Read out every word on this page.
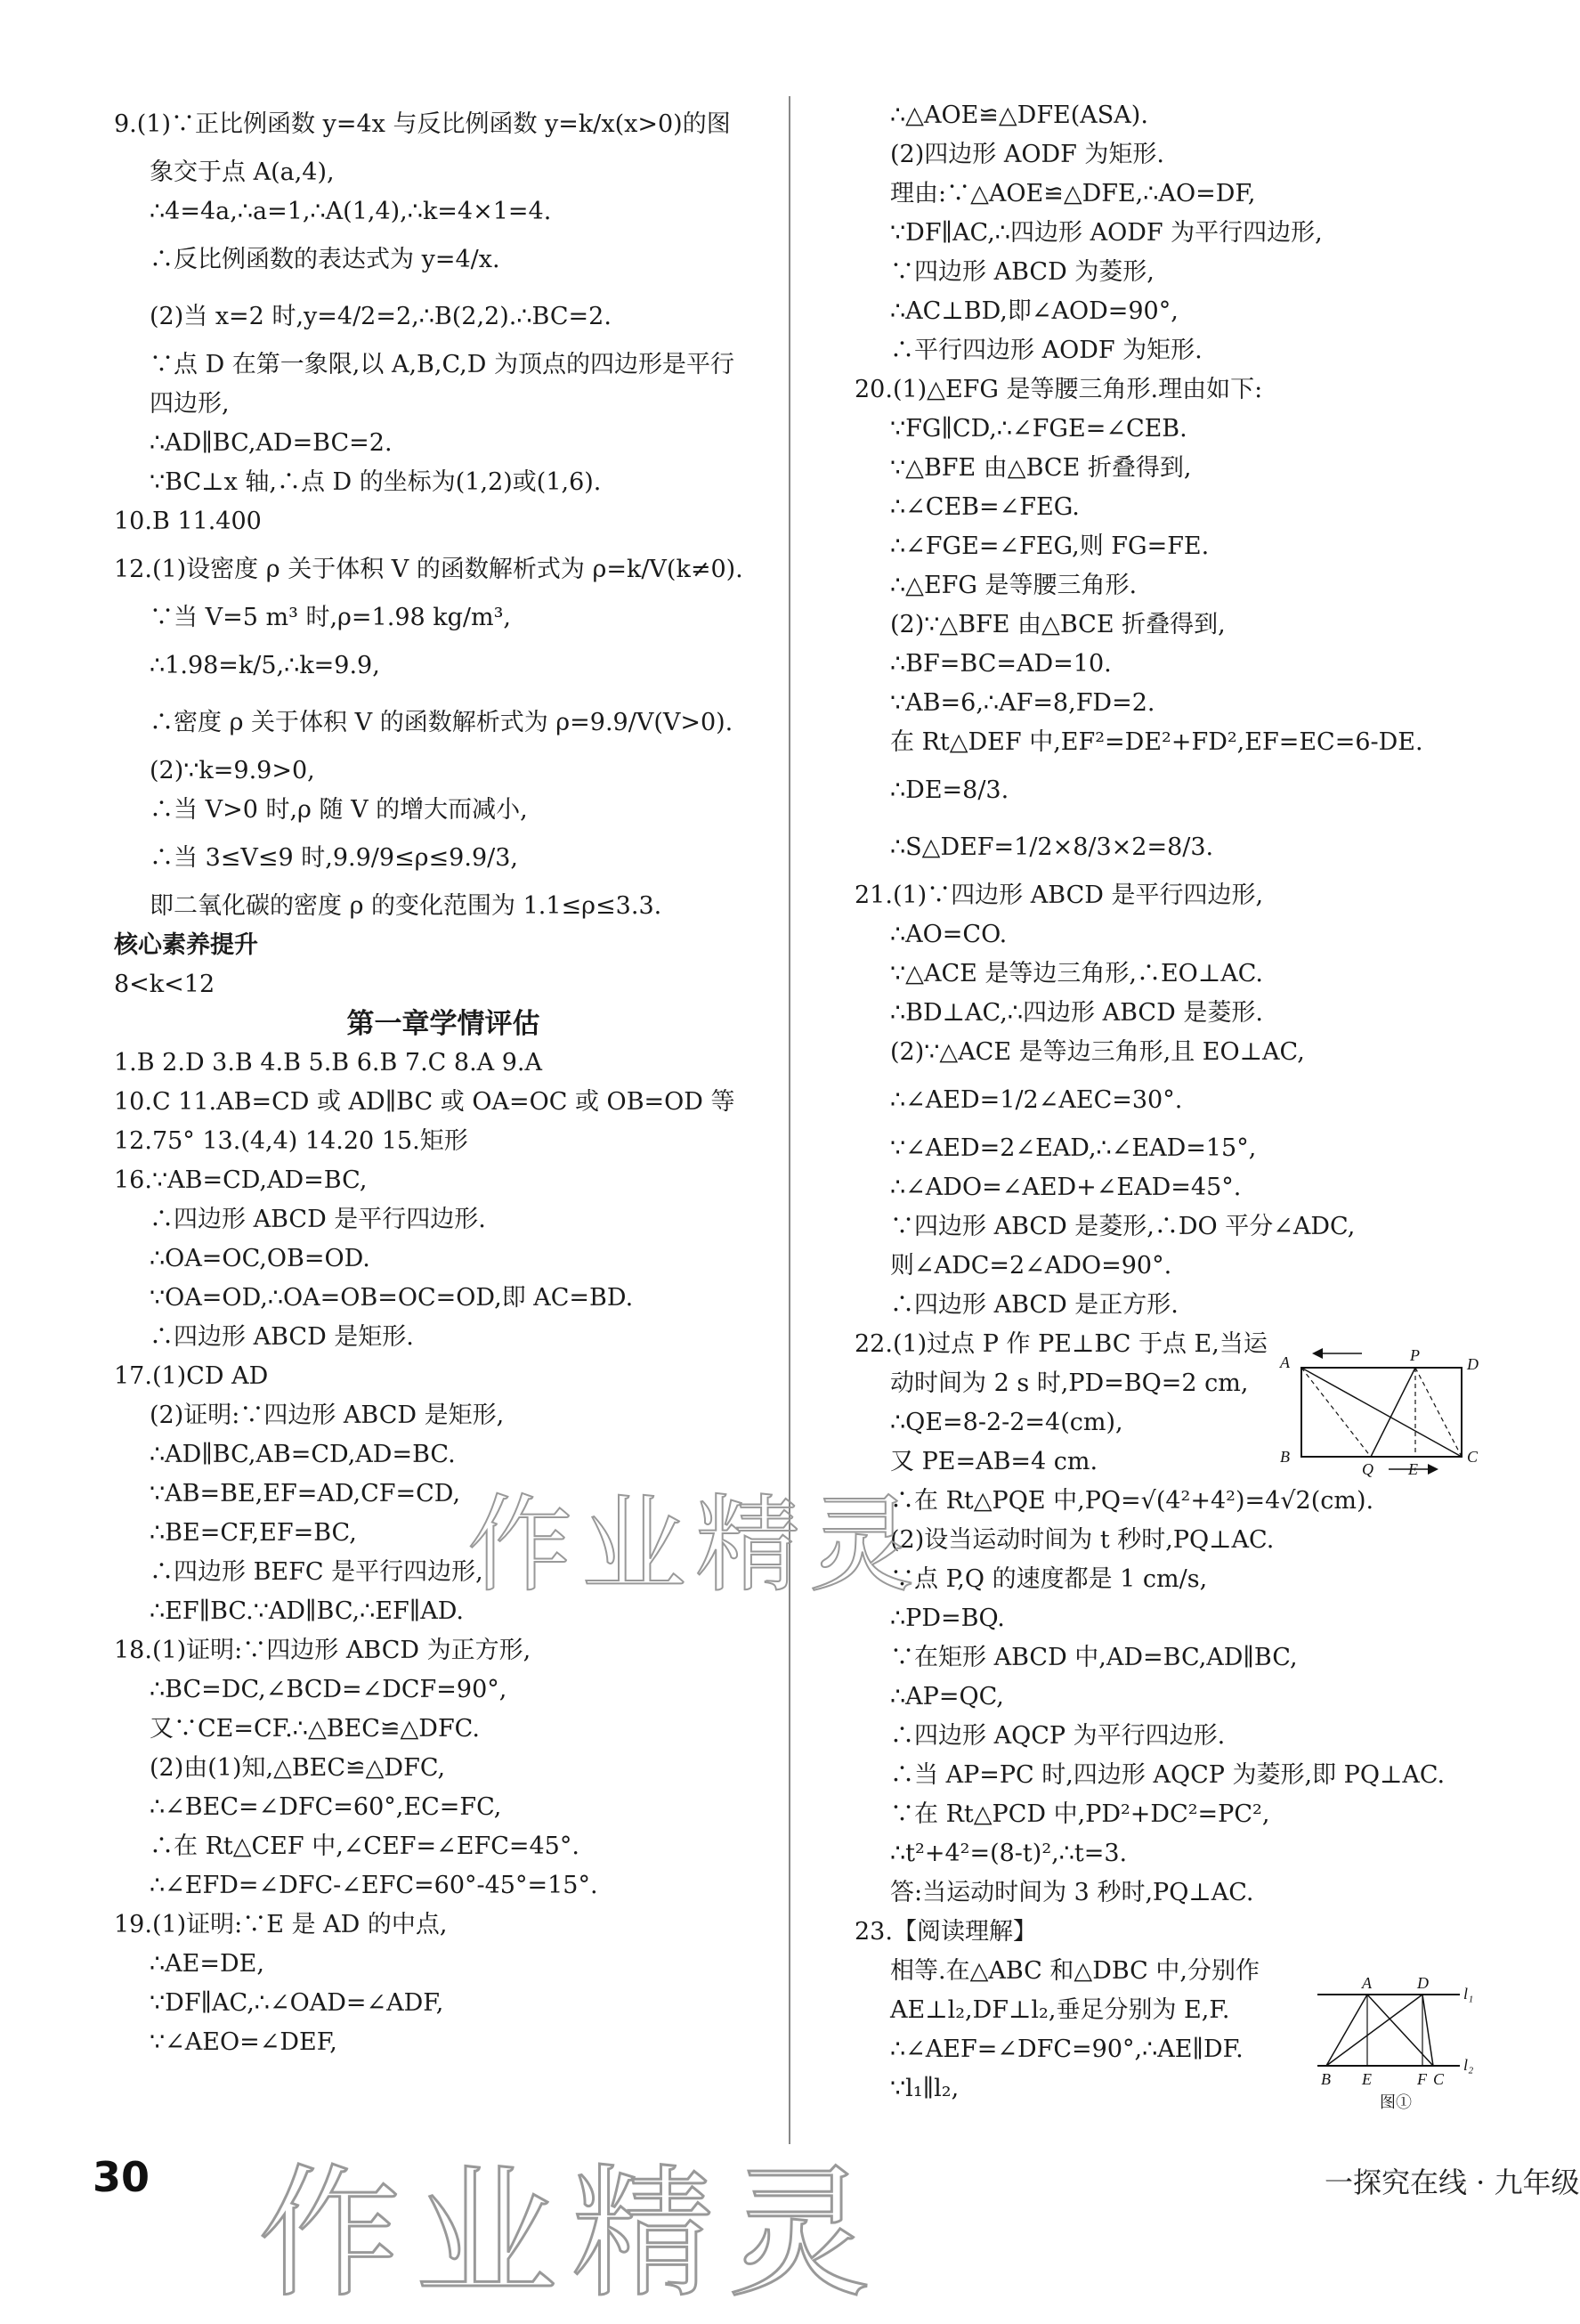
9.(1)∵正比例函数 y=4x 与反比例函数 y=k/x(x>0)的图
象交于点 A(a,4),
∴4=4a,∴a=1,∴A(1,4),∴k=4×1=4.
∴反比例函数的表达式为 y=4/x.
(2)当 x=2 时,y=4/2=2,∴B(2,2).∴BC=2.
∵点 D 在第一象限,以 A,B,C,D 为顶点的四边形是平行
四边形,
∴AD∥BC,AD=BC=2.
∵BC⊥x 轴,∴点 D 的坐标为(1,2)或(1,6).
10.B 11.400
12.(1)设密度 ρ 关于体积 V 的函数解析式为 ρ=k/V(k≠0).
∵当 V=5 m³ 时,ρ=1.98 kg/m³,
∴1.98=k/5,∴k=9.9,
∴密度 ρ 关于体积 V 的函数解析式为 ρ=9.9/V(V>0).
(2)∵k=9.9>0,
∴当 V>0 时,ρ 随 V 的增大而减小,
∴当 3≤V≤9 时,9.9/9≤ρ≤9.9/3,
即二氧化碳的密度 ρ 的变化范围为 1.1≤ρ≤3.3.
核心素养提升
8<k<12
第一章学情评估
1.B 2.D 3.B 4.B 5.B 6.B 7.C 8.A 9.A
10.C 11.AB=CD 或 AD∥BC 或 OA=OC 或 OB=OD 等
12.75° 13.(4,4) 14.20 15.矩形
16.∵AB=CD,AD=BC,
∴四边形 ABCD 是平行四边形.
∴OA=OC,OB=OD.
∵OA=OD,∴OA=OB=OC=OD,即 AC=BD.
∴四边形 ABCD 是矩形.
17.(1)CD AD
(2)证明:∵四边形 ABCD 是矩形,
∴AD∥BC,AB=CD,AD=BC.
∵AB=BE,EF=AD,CF=CD,
∴BE=CF,EF=BC,
∴四边形 BEFC 是平行四边形,
∴EF∥BC.∵AD∥BC,∴EF∥AD.
18.(1)证明:∵四边形 ABCD 为正方形,
∴BC=DC,∠BCD=∠DCF=90°,
又∵CE=CF.∴△BEC≌△DFC.
(2)由(1)知,△BEC≌△DFC,
∴∠BEC=∠DFC=60°,EC=FC,
∴在 Rt△CEF 中,∠CEF=∠EFC=45°.
∴∠EFD=∠DFC-∠EFC=60°-45°=15°.
19.(1)证明:∵E 是 AD 的中点,
∴AE=DE,
∵DF∥AC,∴∠OAD=∠ADF,
∵∠AEO=∠DEF,
∴△AOE≌△DFE(ASA).
(2)四边形 AODF 为矩形.
理由:∵△AOE≌△DFE,∴AO=DF,
∵DF∥AC,∴四边形 AODF 为平行四边形,
∵四边形 ABCD 为菱形,
∴AC⊥BD,即∠AOD=90°,
∴平行四边形 AODF 为矩形.
20.(1)△EFG 是等腰三角形.理由如下:
∵FG∥CD,∴∠FGE=∠CEB.
∵△BFE 由△BCE 折叠得到,
∴∠CEB=∠FEG.
∴∠FGE=∠FEG,则 FG=FE.
∴△EFG 是等腰三角形.
(2)∵△BFE 由△BCE 折叠得到,
∴BF=BC=AD=10.
∵AB=6,∴AF=8,FD=2.
在 Rt△DEF 中,EF²=DE²+FD²,EF=EC=6-DE.
∴DE=8/3.
∴S△DEF=1/2×8/3×2=8/3.
21.(1)∵四边形 ABCD 是平行四边形,
∴AO=CO.
∵△ACE 是等边三角形,∴EO⊥AC.
∴BD⊥AC,∴四边形 ABCD 是菱形.
(2)∵△ACE 是等边三角形,且 EO⊥AC,
∴∠AED=1/2∠AEC=30°.
∵∠AED=2∠EAD,∴∠EAD=15°,
∴∠ADO=∠AED+∠EAD=45°.
∵四边形 ABCD 是菱形,∴DO 平分∠ADC,
则∠ADC=2∠ADO=90°.
∴四边形 ABCD 是正方形.
22.(1)过点 P 作 PE⊥BC 于点 E,当运
动时间为 2 s 时,PD=BQ=2 cm,
∴QE=8-2-2=4(cm),
又 PE=AB=4 cm.
∴在 Rt△PQE 中,PQ=√(4²+4²)=4√2(cm).
(2)设当运动时间为 t 秒时,PQ⊥AC.
∵点 P,Q 的速度都是 1 cm/s,
∴PD=BQ.
∵在矩形 ABCD 中,AD=BC,AD∥BC,
∴AP=QC,
∴四边形 AQCP 为平行四边形.
∴当 AP=PC 时,四边形 AQCP 为菱形,即 PQ⊥AC.
∵在 Rt△PCD 中,PD²+DC²=PC²,
∴t²+4²=(8-t)²,∴t=3.
答:当运动时间为 3 秒时,PQ⊥AC.
23.【阅读理解】
相等.在△ABC 和△DBC 中,分别作
AE⊥l₂,DF⊥l₂,垂足分别为 E,F.
∴∠AEF=∠DFC=90°,∴AE∥DF.
∵l₁∥l₂,
A	P	D
B
Q E
C
A	D
l₁
l₂
B E	F C
图①
作业精灵
作业精灵
30	一探究在线 · 九年级
